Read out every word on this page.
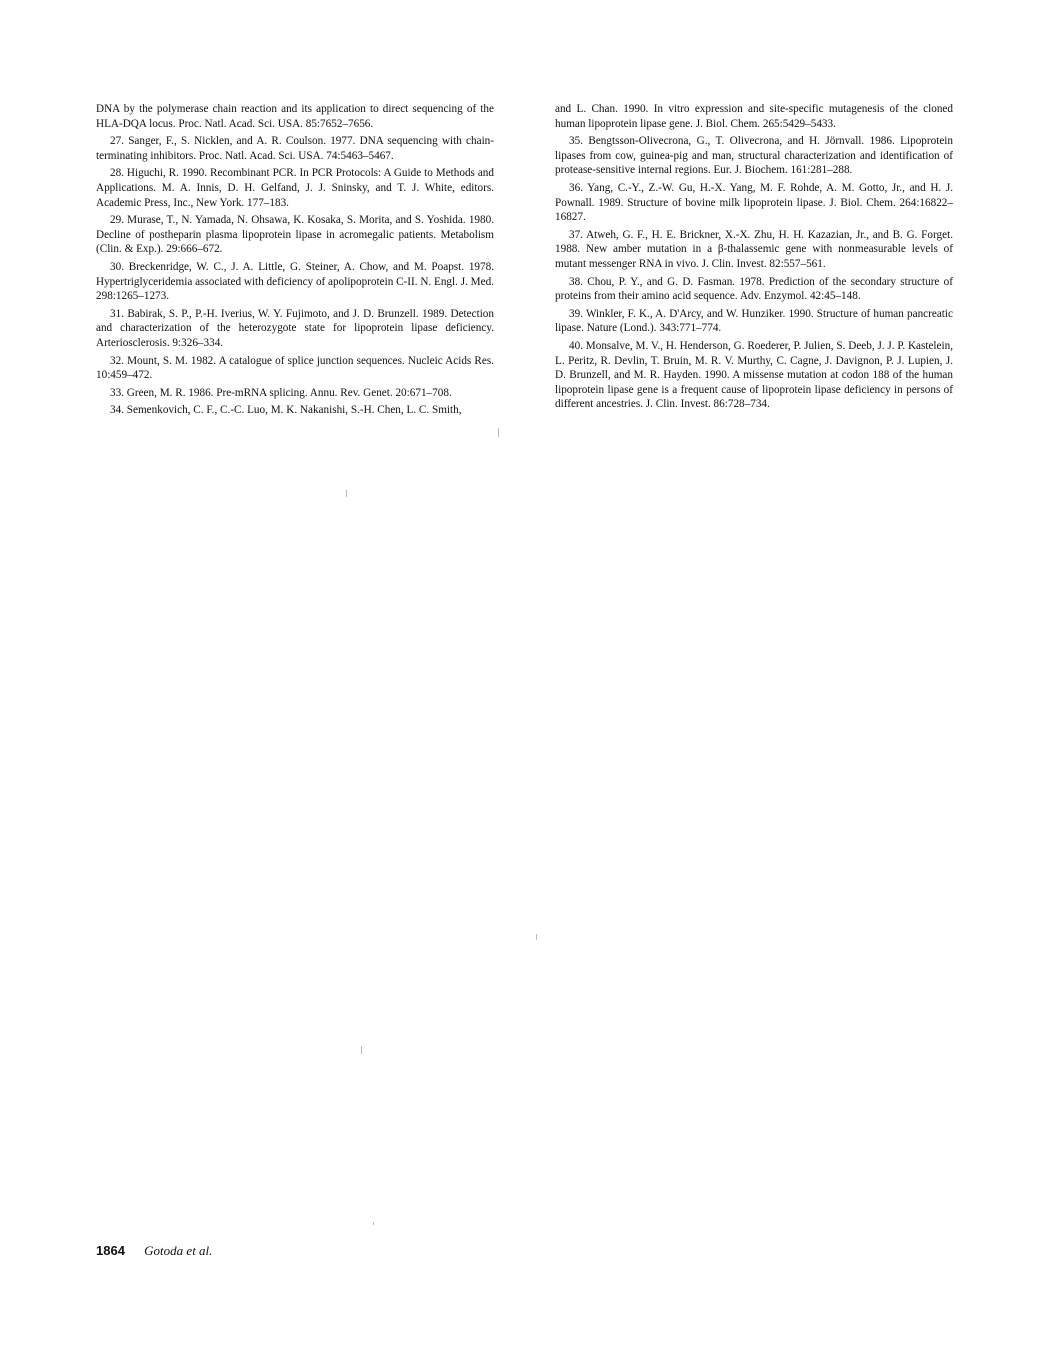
DNA by the polymerase chain reaction and its application to direct sequencing of the HLA-DQA locus. Proc. Natl. Acad. Sci. USA. 85:7652–7656.

27. Sanger, F., S. Nicklen, and A. R. Coulson. 1977. DNA sequencing with chain-terminating inhibitors. Proc. Natl. Acad. Sci. USA. 74:5463–5467.

28. Higuchi, R. 1990. Recombinant PCR. In PCR Protocols: A Guide to Methods and Applications. M. A. Innis, D. H. Gelfand, J. J. Sninsky, and T. J. White, editors. Academic Press, Inc., New York. 177–183.

29. Murase, T., N. Yamada, N. Ohsawa, K. Kosaka, S. Morita, and S. Yoshida. 1980. Decline of postheparin plasma lipoprotein lipase in acromegalic patients. Metabolism (Clin. & Exp.). 29:666–672.

30. Breckenridge, W. C., J. A. Little, G. Steiner, A. Chow, and M. Poapst. 1978. Hypertriglyceridemia associated with deficiency of apolipoprotein C-II. N. Engl. J. Med. 298:1265–1273.

31. Babirak, S. P., P.-H. Iverius, W. Y. Fujimoto, and J. D. Brunzell. 1989. Detection and characterization of the heterozygote state for lipoprotein lipase deficiency. Arteriosclerosis. 9:326–334.

32. Mount, S. M. 1982. A catalogue of splice junction sequences. Nucleic Acids Res. 10:459–472.

33. Green, M. R. 1986. Pre-mRNA splicing. Annu. Rev. Genet. 20:671–708.

34. Semenkovich, C. F., C.-C. Luo, M. K. Nakanishi, S.-H. Chen, L. C. Smith,

and L. Chan. 1990. In vitro expression and site-specific mutagenesis of the cloned human lipoprotein lipase gene. J. Biol. Chem. 265:5429–5433.

35. Bengtsson-Olivecrona, G., T. Olivecrona, and H. Jörnvall. 1986. Lipoprotein lipases from cow, guinea-pig and man, structural characterization and identification of protease-sensitive internal regions. Eur. J. Biochem. 161:281–288.

36. Yang, C.-Y., Z.-W. Gu, H.-X. Yang, M. F. Rohde, A. M. Gotto, Jr., and H. J. Pownall. 1989. Structure of bovine milk lipoprotein lipase. J. Biol. Chem. 264:16822–16827.

37. Atweh, G. F., H. E. Brickner, X.-X. Zhu, H. H. Kazazian, Jr., and B. G. Forget. 1988. New amber mutation in a β-thalassemic gene with nonmeasurable levels of mutant messenger RNA in vivo. J. Clin. Invest. 82:557–561.

38. Chou, P. Y., and G. D. Fasman. 1978. Prediction of the secondary structure of proteins from their amino acid sequence. Adv. Enzymol. 42:45–148.

39. Winkler, F. K., A. D'Arcy, and W. Hunziker. 1990. Structure of human pancreatic lipase. Nature (Lond.). 343:771–774.

40. Monsalve, M. V., H. Henderson, G. Roederer, P. Julien, S. Deeb, J. J. P. Kastelein, L. Peritz, R. Devlin, T. Bruin, M. R. V. Murthy, C. Cagne, J. Davignon, P. J. Lupien, J. D. Brunzell, and M. R. Hayden. 1990. A missense mutation at codon 188 of the human lipoprotein lipase gene is a frequent cause of lipoprotein lipase deficiency in persons of different ancestries. J. Clin. Invest. 86:728–734.

1864 Gotoda et al.
